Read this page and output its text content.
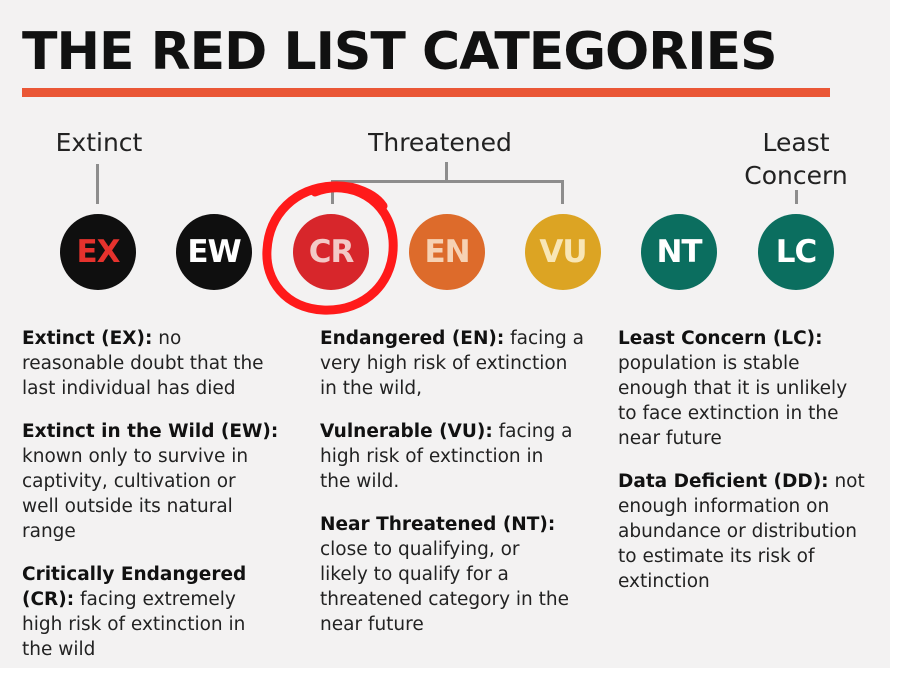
THE RED LIST CATEGORIES
Extinct	Threatened	Least
Concern
EX EW CR EN VU NT LC

Extinct (EX): no
reasonable doubt that the
last individual has died

Extinct in the Wild (EW):
known only to survive in
captivity, cultivation or
well outside its natural
range

Critically Endangered
(CR): facing extremely
high risk of extinction in
the wild

Endangered (EN): facing a
very high risk of extinction
in the wild,

Vulnerable (VU): facing a
high risk of extinction in
the wild.

Near Threatened (NT):
close to qualifying, or
likely to qualify for a
threatened category in the
near future

Least Concern (LC):
population is stable
enough that it is unlikely
to face extinction in the
near future

Data Deficient (DD): not
enough information on
abundance or distribution
to estimate its risk of
extinction
